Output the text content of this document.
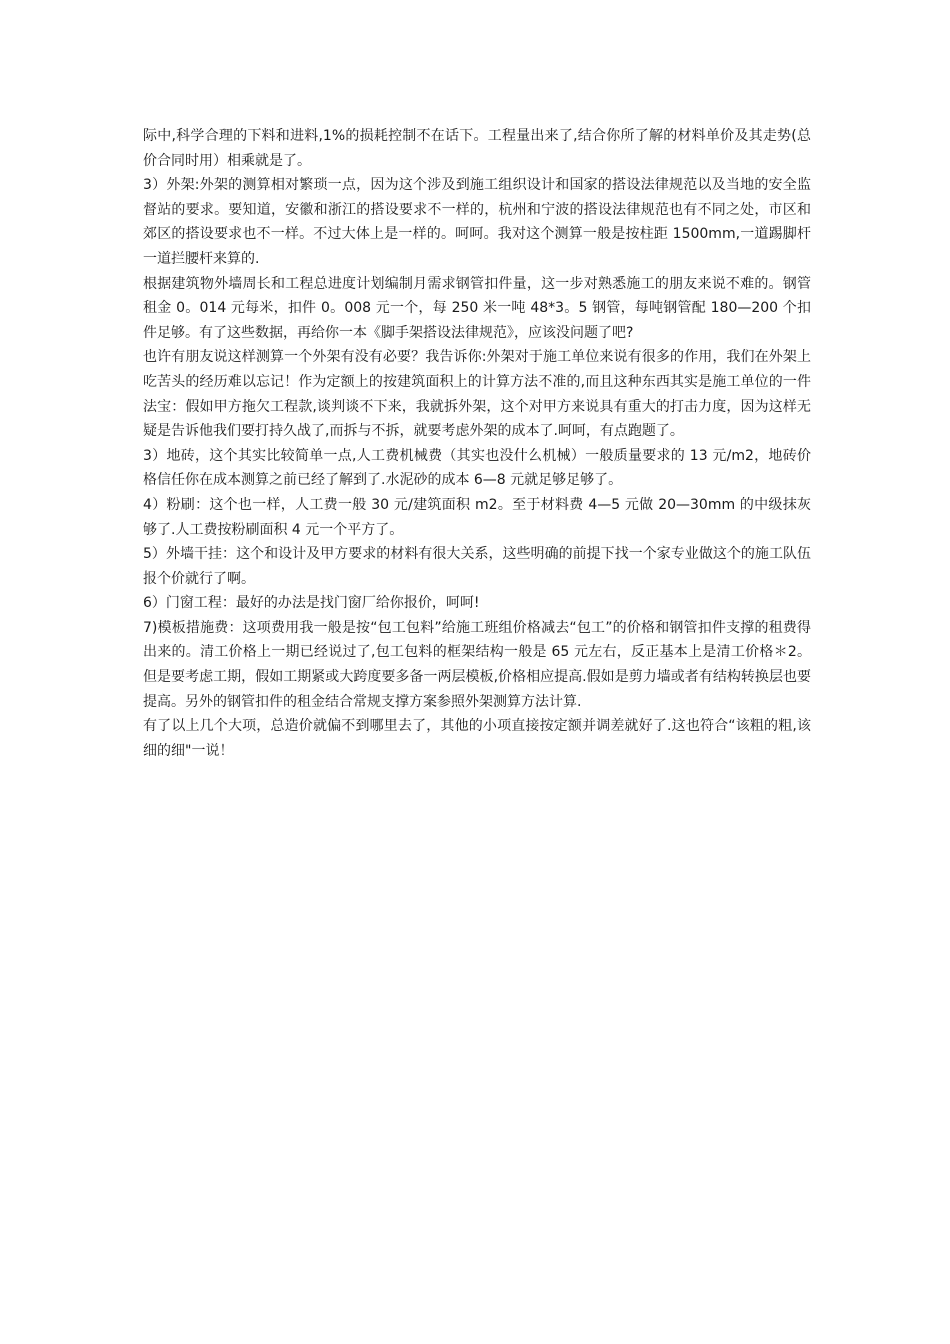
际中,科学合理的下料和进料,1%的损耗控制不在话下。工程量出来了,结合你所了解的材料单价及其走势(总价合同时用）相乘就是了。

3）外架:外架的测算相对繁琐一点，因为这个涉及到施工组织设计和国家的搭设法律规范以及当地的安全监督站的要求。要知道，安徽和浙江的搭设要求不一样的，杭州和宁波的搭设法律规范也有不同之处，市区和郊区的搭设要求也不一样。不过大体上是一样的。呵呵。我对这个测算一般是按柱距 1500mm,一道踢脚杆一道拦腰杆来算的.

根据建筑物外墙周长和工程总进度计划编制月需求钢管扣件量，这一步对熟悉施工的朋友来说不难的。钢管租金 0。014 元每米，扣件 0。008 元一个，每 250 米一吨 48*3。5 钢管，每吨钢管配 180—200 个扣件足够。有了这些数据，再给你一本《脚手架搭设法律规范》，应该没问题了吧?

也许有朋友说这样测算一个外架有没有必要？我告诉你:外架对于施工单位来说有很多的作用，我们在外架上吃苦头的经历难以忘记！作为定额上的按建筑面积上的计算方法不准的,而且这种东西其实是施工单位的一件法宝：假如甲方拖欠工程款,谈判谈不下来，我就拆外架，这个对甲方来说具有重大的打击力度，因为这样无疑是告诉他我们要打持久战了,而拆与不拆，就要考虑外架的成本了.呵呵，有点跑题了。

3）地砖，这个其实比较简单一点,人工费机械费（其实也没什么机械）一般质量要求的 13 元/m2，地砖价格信任你在成本测算之前已经了解到了.水泥砂的成本 6—8 元就足够足够了。

4）粉刷：这个也一样，人工费一般 30 元/建筑面积 m2。至于材料费 4—5 元做 20—30mm 的中级抹灰够了.人工费按粉刷面积 4 元一个平方了。

5）外墙干挂：这个和设计及甲方要求的材料有很大关系，这些明确的前提下找一个家专业做这个的施工队伍报个价就行了啊。

6）门窗工程：最好的办法是找门窗厂给你报价，呵呵!

7)模板措施费：这项费用我一般是按“包工包料”给施工班组价格减去“包工”的价格和钢管扣件支撑的租费得出来的。清工价格上一期已经说过了,包工包料的框架结构一般是 65 元左右，反正基本上是清工价格＊2。但是要考虑工期，假如工期紧或大跨度要多备一两层模板,价格相应提高.假如是剪力墙或者有结构转换层也要提高。另外的钢管扣件的租金结合常规支撑方案参照外架测算方法计算.

有了以上几个大项，总造价就偏不到哪里去了，其他的小项直接按定额并调差就好了.这也符合“该粗的粗,该细的细"一说！
